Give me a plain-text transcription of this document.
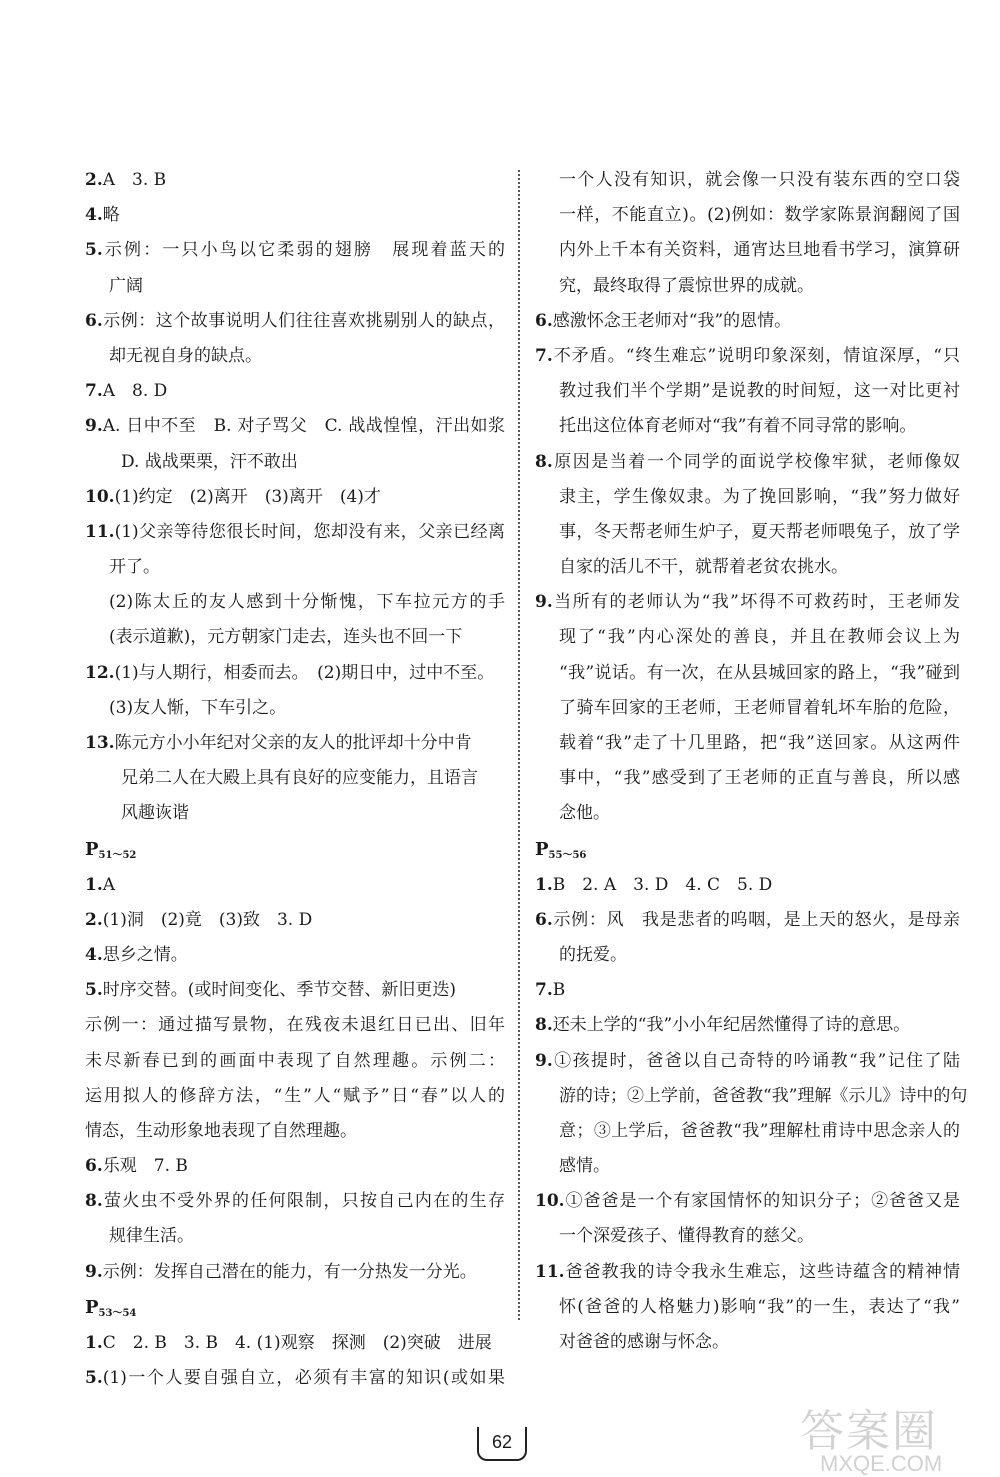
2.A　3. B
4.略
5.示例：一只小鸟以它柔弱的翅膀　展现着蓝天的
广阔
6.示例：这个故事说明人们往往喜欢挑剔别人的缺点，
却无视自身的缺点。
7.A　8. D
9.A. 日中不至　B. 对子骂父　C. 战战惶惶，汗出如浆
D. 战战栗栗，汗不敢出
10.(1)约定　(2)离开　(3)离开　(4)才
11.(1)父亲等待您很长时间，您却没有来，父亲已经离
开了。
(2)陈太丘的友人感到十分惭愧，下车拉元方的手
(表示道歉)，元方朝家门走去，连头也不回一下
12.(1)与人期行，相委而去。　(2)期日中，过中不至。
(3)友人惭，下车引之。
13.陈元方小小年纪对父亲的友人的批评却十分中肯
兄弟二人在大殿上具有良好的应变能力，且语言
风趣诙谐
$P_{51\sim 52}$
1.A
2.(1)洞　(2)竟　(3)致　3. D
4.思乡之情。
5.时序交替。(或时间变化、季节交替、新旧更迭)
示例一：通过描写景物，在残夜未退红日已出、旧年
未尽新春已到的画面中表现了自然理趣。示例二：
运用拟人的修辞方法，“生”人“赋予”日“春”以人的
情态，生动形象地表现了自然理趣。
6.乐观　7. B
8.萤火虫不受外界的任何限制，只按自己内在的生存
规律生活。
9.示例：发挥自己潜在的能力，有一分热发一分光。
$P_{53\sim 54}$
1.C　2. B　3. B　4. (1)观察　探测　(2)突破　进展
5.(1)一个人要自强自立，必须有丰富的知识(或如果
一个人没有知识，就会像一只没有装东西的空口袋
一样，不能直立)。(2)例如：数学家陈景润翻阅了国
内外上千本有关资料，通宵达旦地看书学习，演算研
究，最终取得了震惊世界的成就。
6.感激怀念王老师对“我”的恩情。
7.不矛盾。“终生难忘”说明印象深刻，情谊深厚，“只
教过我们半个学期”是说教的时间短，这一对比更衬
托出这位体育老师对“我”有着不同寻常的影响。
8.原因是当着一个同学的面说学校像牢狱，老师像奴
隶主，学生像奴隶。为了挽回影响，“我”努力做好
事，冬天帮老师生炉子，夏天帮老师喂兔子，放了学
自家的活儿不干，就帮着老贫农挑水。
9.当所有的老师认为“我”坏得不可救药时，王老师发
现了“我”内心深处的善良，并且在教师会议上为
“我”说话。有一次，在从县城回家的路上，“我”碰到
了骑车回家的王老师，王老师冒着轧坏车胎的危险，
载着“我”走了十几里路，把“我”送回家。从这两件
事中，“我”感受到了王老师的正直与善良，所以感
念他。
$P_{55\sim 56}$
1.B　2. A　3. D　4. C　5. D
6.示例：风　我是悲者的呜咽，是上天的怒火，是母亲
的抚爱。
7.B
8.还未上学的“我”小小年纪居然懂得了诗的意思。
9.①孩提时，爸爸以自己奇特的吟诵教“我”记住了陆
游的诗；②上学前，爸爸教“我”理解《示儿》诗中的句
意；③上学后，爸爸教“我”理解杜甫诗中思念亲人的
感情。
10.①爸爸是一个有家国情怀的知识分子；②爸爸又是
一个深爱孩子、懂得教育的慈父。
11.爸爸教我的诗令我永生难忘，这些诗蕴含的精神情
怀(爸爸的人格魅力)影响“我”的一生，表达了“我”
对爸爸的感谢与怀念。
62	答案圈
MXQE.COM
